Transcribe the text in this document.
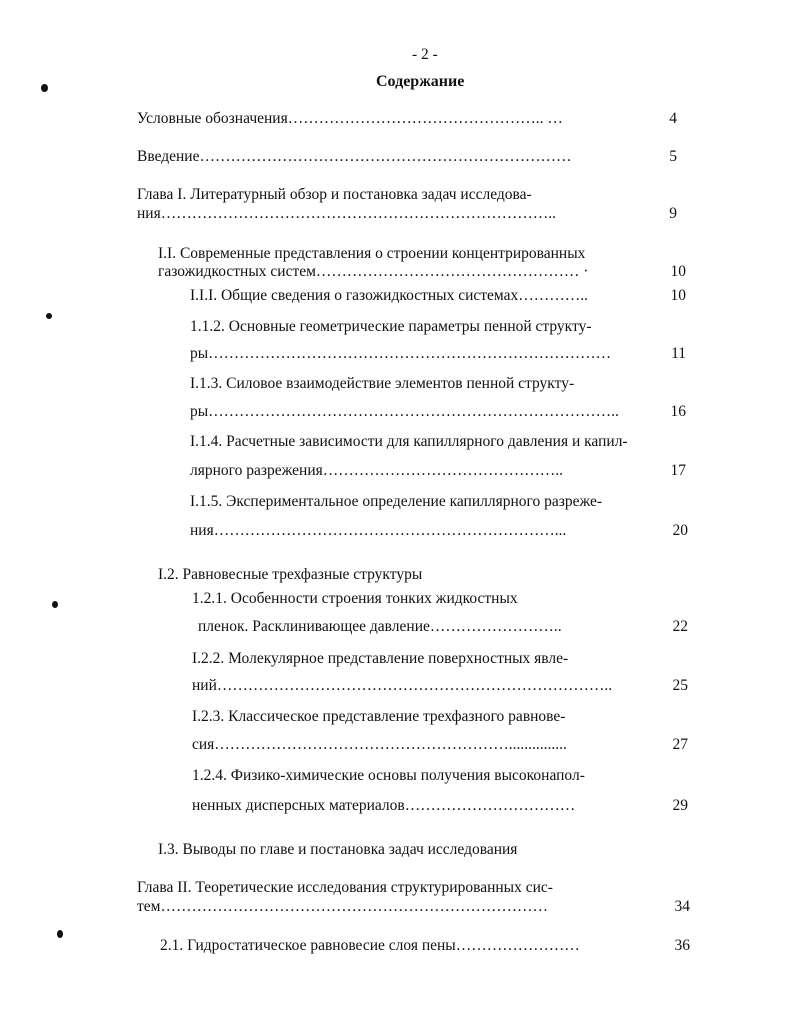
- 2 -
Содержание
Условные обозначения………………………………………….. …	4
Введение………………………………………………………………	5
Глава I. Литературный обзор и постановка задач исследова-
ния…………………………………………………………………..	9
I.I. Современные представления о строении концентрированных
газожидкостных систем…………………………………………… ·	10
I.I.I. Общие сведения о газожидкостных системах…………..	10
1.1.2. Основные геометрические параметры пенной структу-
ры……………………………………………………………………	11
I.1.3. Силовое взаимодействие элементов пенной структу-
ры……………………………………………………………………..	16
I.1.4. Расчетные зависимости для капиллярного давления и капил-
лярного разрежения………………………………………..	17
I.1.5. Экспериментальное определение капиллярного разреже-
ния…………………………………………………………...	20
I.2. Равновесные трехфазные структуры
1.2.1. Особенности строения тонких жидкостных
пленок. Расклинивающее давление……………………..	22
I.2.2. Молекулярное представление поверхностных явле-
ний…………………………………………………………………..	25
I.2.3. Классическое представление трехфазного равнове-
сия…………………………………………………...............	27
1.2.4. Физико-химические основы получения высоконапол-
ненных дисперсных материалов……………………………	29
I.3. Выводы по главе и постановка задач исследования
Глава II. Теоретические исследования структурированных сис-
тем…………………………………………………………………	34
2.1. Гидростатическое равновесие слоя пены……………………	36
